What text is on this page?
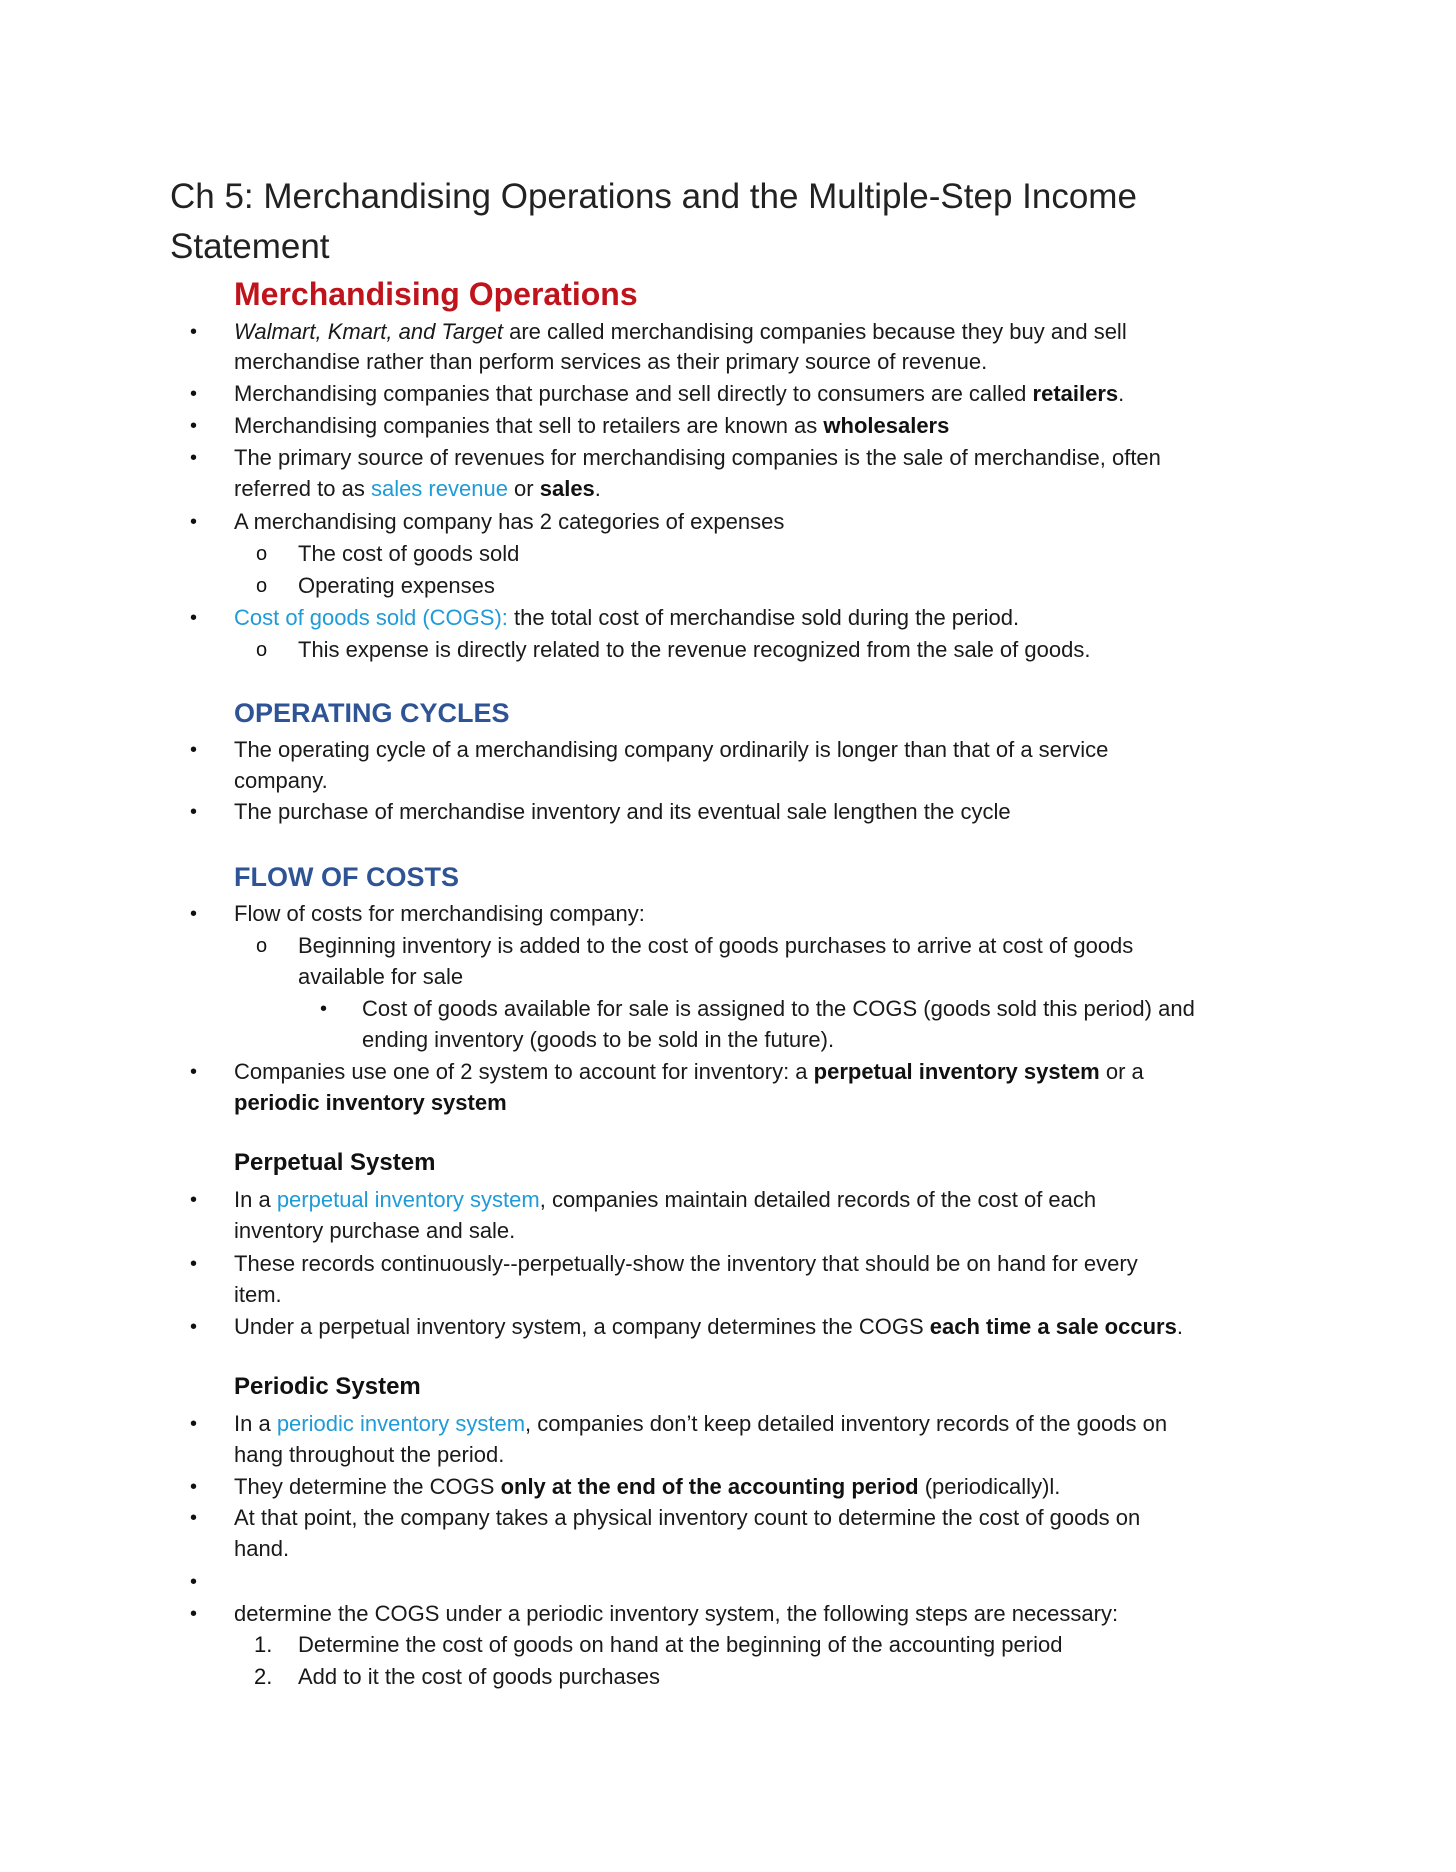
Ch 5: Merchandising Operations and the Multiple-Step Income Statement
Merchandising Operations
• Walmart, Kmart, and Target are called merchandising companies because they buy and sell
merchandise rather than perform services as their primary source of revenue.
• Merchandising companies that purchase and sell directly to consumers are called retailers.
• Merchandising companies that sell to retailers are known as wholesalers
• The primary source of revenues for merchandising companies is the sale of merchandise, often
referred to as sales revenue or sales.
• A merchandising company has 2 categories of expenses
o The cost of goods sold
o Operating expenses
• Cost of goods sold (COGS): the total cost of merchandise sold during the period.
o This expense is directly related to the revenue recognized from the sale of goods.
OPERATING CYCLES
• The operating cycle of a merchandising company ordinarily is longer than that of a service
company.
• The purchase of merchandise inventory and its eventual sale lengthen the cycle
FLOW OF COSTS
• Flow of costs for merchandising company:
o Beginning inventory is added to the cost of goods purchases to arrive at cost of goods
available for sale
• Cost of goods available for sale is assigned to the COGS (goods sold this period) and
ending inventory (goods to be sold in the future).
• Companies use one of 2 system to account for inventory: a perpetual inventory system or a
periodic inventory system
Perpetual System
• In a perpetual inventory system, companies maintain detailed records of the cost of each
inventory purchase and sale.
• These records continuously--perpetually-show the inventory that should be on hand for every
item.
• Under a perpetual inventory system, a company determines the COGS each time a sale occurs.
Periodic System
• In a periodic inventory system, companies don’t keep detailed inventory records of the goods on
hang throughout the period.
• They determine the COGS only at the end of the accounting period (periodically)l.
• At that point, the company takes a physical inventory count to determine the cost of goods on
hand.
•
• determine the COGS under a periodic inventory system, the following steps are necessary:
1. Determine the cost of goods on hand at the beginning of the accounting period
2. Add to it the cost of goods purchases
